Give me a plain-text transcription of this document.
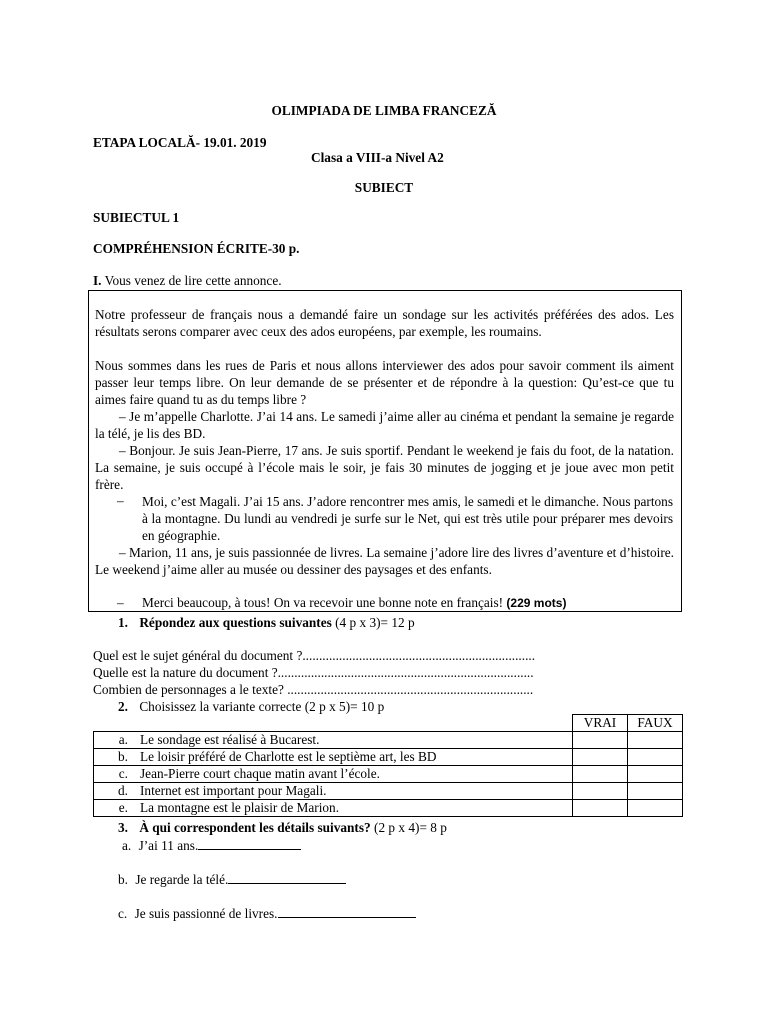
OLIMPIADA DE LIMBA FRANCEZĂ
ETAPA LOCALĂ- 19.01. 2019
Clasa a VIII-a Nivel A2
SUBIECT
SUBIECTUL 1
COMPRÉHENSION ÉCRITE-30 p.
I. Vous venez de lire cette annonce.
Notre professeur de français nous a demandé faire un sondage sur les activités préférées des ados. Les résultats serons comparer avec ceux des ados européens, par exemple, les roumains.
Nous sommes dans les rues de Paris et nous allons interviewer des ados pour savoir comment ils aiment passer leur temps libre. On leur demande de se présenter et de répondre à la question: Qu’est-ce que tu aimes faire quand tu as du temps libre ?
– Je m’appelle Charlotte. J’ai 14 ans. Le samedi j’aime aller au cinéma et pendant la semaine je regarde la télé, je lis des BD.
– Bonjour. Je suis Jean-Pierre, 17 ans. Je suis sportif. Pendant le weekend je fais du foot, de la natation. La semaine, je suis occupé à l’école mais le soir, je fais 30 minutes de jogging et je joue avec mon petit frère.
– Moi, c’est Magali. J’ai 15 ans. J’adore rencontrer mes amis, le samedi et le dimanche. Nous partons à la montagne. Du lundi au vendredi je surfe sur le Net, qui est très utile pour préparer mes devoirs en géographie.
– Marion, 11 ans, je suis passionnée de livres. La semaine j’adore lire des livres d’aventure et d’histoire. Le weekend j’aime aller au musée ou dessiner des paysages et des enfants.
– Merci beaucoup, à tous! On va recevoir une bonne note en français! (229 mots)
1. Répondez aux questions suivantes (4 p x 3)= 12 p
Quel est le sujet général du document ?......................................................................
Quelle est la nature du document ?.............................................................................
Combien de personnages a le texte? ..........................................................................
2. Choisissez la variante correcte (2 p x 5)= 10 p
		VRAI	FAUX
a.	Le sondage est réalisé à Bucarest.		
b.	Le loisir préféré de Charlotte est le septième art, les BD		
c.	Jean-Pierre court chaque matin avant l’école.		
d.	Internet est important pour Magali.		
e.	La montagne est le plaisir de Marion.		
3. À qui correspondent les détails suivants? (2 p x 4)= 8 p
a. J’ai 11 ans.
b. Je regarde la télé.
c. Je suis passionné de livres.
